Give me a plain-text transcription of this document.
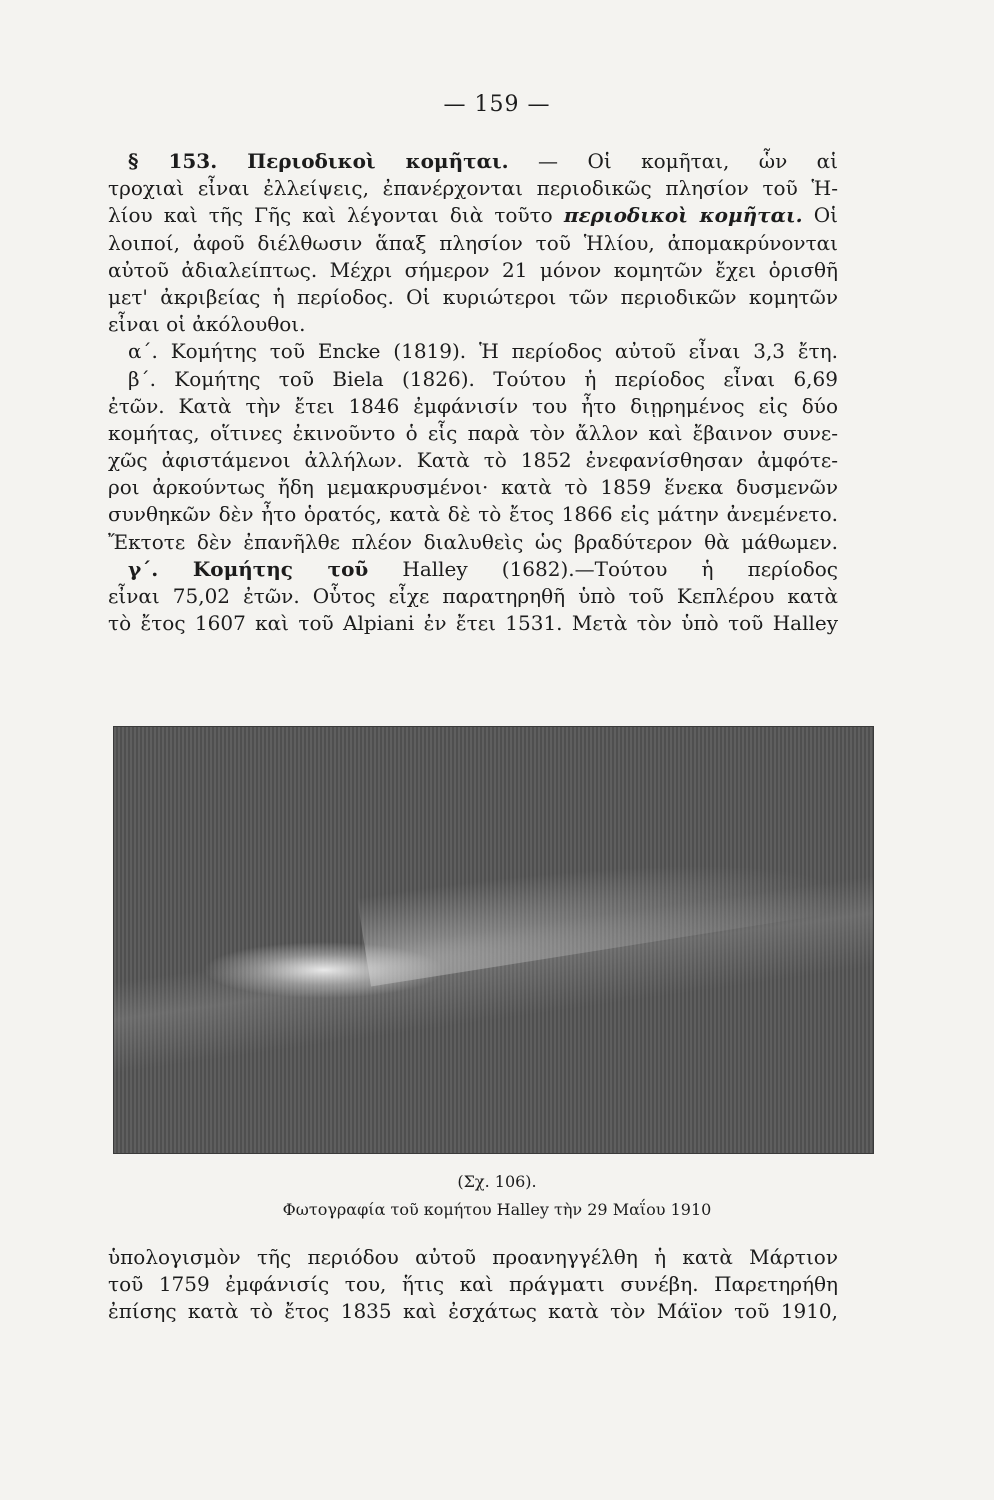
— 159 —
§ 153. Περιοδικοὶ κομῆται. — Οἱ κομῆται, ὧν αἱ
τροχιαὶ εἶναι ἐλλείψεις, ἐπανέρχονται περιοδικῶς πλησίον τοῦ Ἡ-
λίου καὶ τῆς Γῆς καὶ λέγονται διὰ τοῦτο περιοδικοὶ κομῆται. Οἱ
λοιποί, ἀφοῦ διέλθωσιν ἅπαξ πλησίον τοῦ Ἡλίου, ἀπομακρύνονται
αὐτοῦ ἀδιαλείπτως. Μέχρι σήμερον 21 μόνον κομητῶν ἔχει ὁρισθῆ
μετ' ἀκριβείας ἡ περίοδος. Οἱ κυριώτεροι τῶν περιοδικῶν κομητῶν
εἶναι οἱ ἀκόλουθοι.
α΄. Κομήτης τοῦ Encke (1819). Ἡ περίοδος αὐτοῦ εἶναι 3,3 ἔτη.
β΄. Κομήτης τοῦ Biela (1826). Τούτου ἡ περίοδος εἶναι 6,69
ἐτῶν. Κατὰ τὴν ἔτει 1846 ἐμφάνισίν του ἦτο διῃρημένος εἰς δύο
κομήτας, οἵτινες ἐκινοῦντο ὁ εἷς παρὰ τὸν ἄλλον καὶ ἔβαινον συνε-
χῶς ἀφιστάμενοι ἀλλήλων. Κατὰ τὸ 1852 ἐνεφανίσθησαν ἀμφότε-
ροι ἀρκούντως ἤδη μεμακρυσμένοι· κατὰ τὸ 1859 ἕνεκα δυσμενῶν
συνθηκῶν δὲν ἦτο ὁρατός, κατὰ δὲ τὸ ἔτος 1866 εἰς μάτην ἀνεμένετο.
Ἔκτοτε δὲν ἐπανῆλθε πλέον διαλυθεὶς ὡς βραδύτερον θὰ μάθωμεν.
γ΄. Κομήτης τοῦ Halley (1682).—Τούτου ἡ περίοδος
εἶναι 75,02 ἐτῶν. Οὗτος εἶχε παρατηρηθῆ ὑπὸ τοῦ Κεπλέρου κατὰ
τὸ ἔτος 1607 καὶ τοῦ Alpiani ἐν ἔτει 1531. Μετὰ τὸν ὑπὸ τοῦ Halley
(Σχ. 106).
Φωτογραφία τοῦ κομήτου Halley τὴν 29 Μαΐου 1910
ὑπολογισμὸν τῆς περιόδου αὐτοῦ προανηγγέλθη ἡ κατὰ Μάρτιον
τοῦ 1759 ἐμφάνισίς του, ἥτις καὶ πράγματι συνέβη. Παρετηρήθη
ἐπίσης κατὰ τὸ ἔτος 1835 καὶ ἐσχάτως κατὰ τὸν Μάϊον τοῦ 1910,
